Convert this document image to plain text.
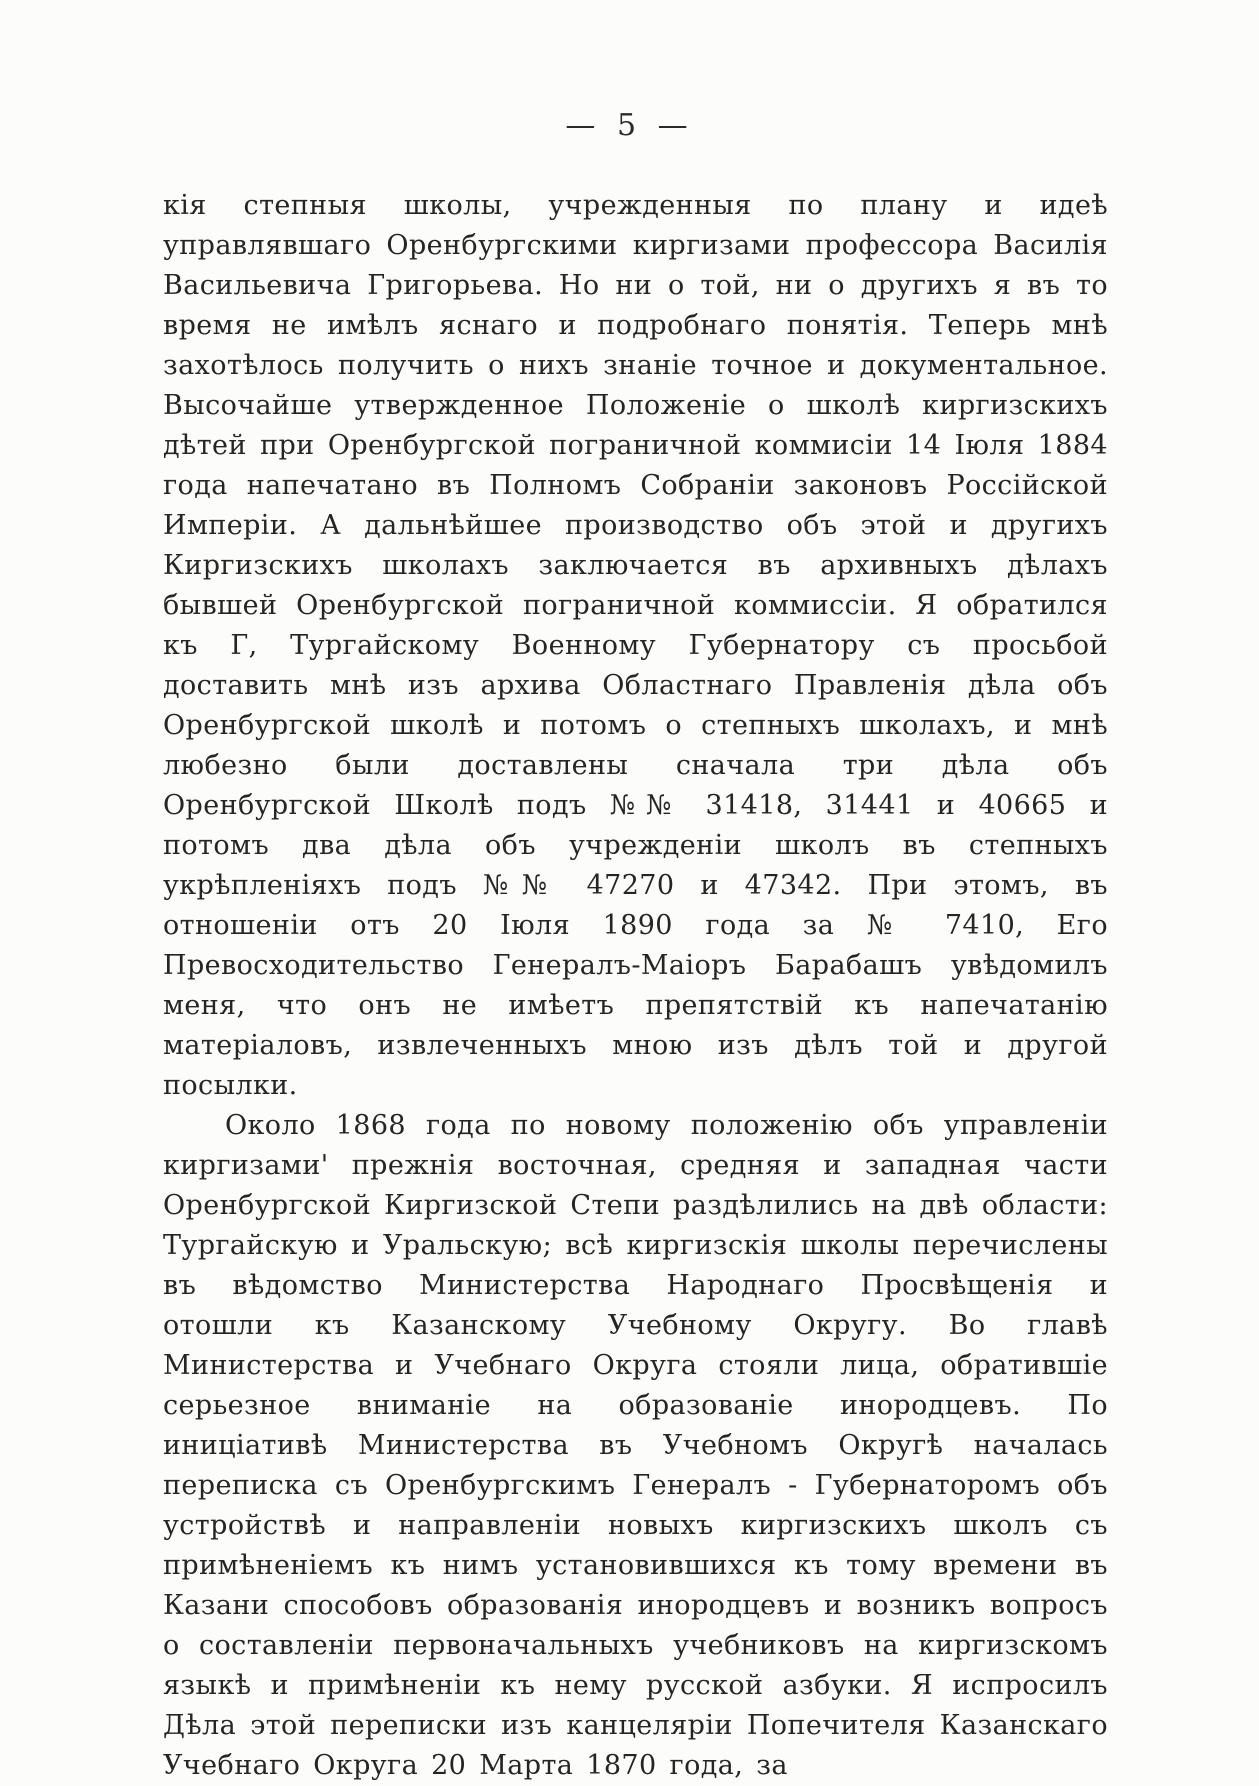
— 5 —

кія степныя школы, учрежденныя по плану и идеѣ управлявшаго Оренбургскими киргизами профессора Василія Васильевича Григорьева. Но ни о той, ни о другихъ я въ то время не имѣлъ яснаго и подробнаго понятія. Теперь мнѣ захотѣлось получить о нихъ знаніе точное и документальное. Высочайше утвержденное Положеніе о школѣ киргизскихъ дѣтей при Оренбургской пограничной коммисіи 14 Іюля 1884 года напечатано въ Полномъ Собраніи законовъ Россійской Имперіи. А дальнѣйшее производство объ этой и другихъ Киргизскихъ школахъ заключается въ архивныхъ дѣлахъ бывшей Оренбургской пограничной коммиссіи. Я обратился къ Г, Тургайскому Военному Губернатору съ просьбой доставить мнѣ изъ архива Областнаго Правленія дѣла объ Оренбургской школѣ и потомъ о степныхъ школахъ, и мнѣ любезно были доставлены сначала три дѣла объ Оренбургской Школѣ подъ №№ 31418, 31441 и 40665 и потомъ два дѣла объ учрежденіи школъ въ степныхъ укрѣпленіяхъ подъ №№ 47270 и 47342. При этомъ, въ отношеніи отъ 20 Іюля 1890 года за № 7410, Его Превосходительство Генералъ-Маіоръ Барабашъ увѣдомилъ меня, что онъ не имѣетъ препятствій къ напечатанію матеріаловъ, извлеченныхъ мною изъ дѣлъ той и другой посылки.

Около 1868 года по новому положенію объ управленіи киргизами' прежнія восточная, средняя и западная части Оренбургской Киргизской Степи раздѣлились на двѣ области: Тургайскую и Уральскую; всѣ киргизскія школы перечислены въ вѣдомство Министерства Народнаго Просвѣщенія и отошли къ Казанскому Учебному Округу. Во главѣ Министерства и Учебнаго Округа стояли лица, обратившіе серьезное вниманіе на образованіе инородцевъ. По иниціативѣ Министерства въ Учебномъ Округѣ началась переписка съ Оренбургскимъ Генералъ - Губернаторомъ объ устройствѣ и направленіи новыхъ киргизскихъ школъ съ примѣненіемъ къ нимъ установившихся къ тому времени въ Казани способовъ образованія инородцевъ и возникъ вопросъ о составленіи первоначальныхъ учебниковъ на киргизскомъ языкѣ и примѣненіи къ нему русской азбуки. Я испросилъ Дѣла этой переписки изъ канцеляріи Попечителя Казанскаго Учебнаго Округа 20 Марта 1870 года, за
